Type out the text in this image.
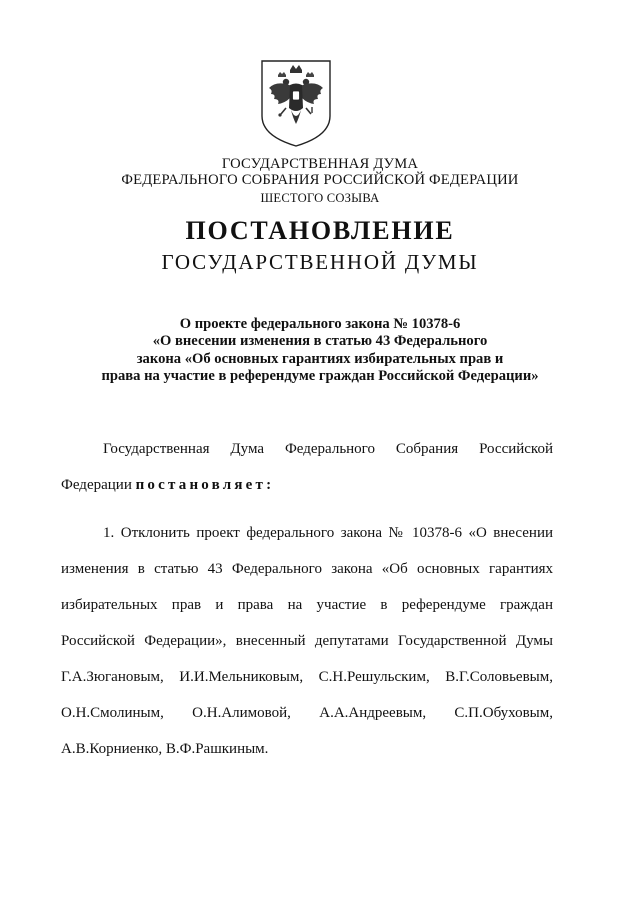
ГОСУДАРСТВЕННАЯ ДУМА
ФЕДЕРАЛЬНОГО СОБРАНИЯ РОССИЙСКОЙ ФЕДЕРАЦИИ
ШЕСТОГО СОЗЫВА
ПОСТАНОВЛЕНИЕ
ГОСУДАРСТВЕННОЙ ДУМЫ
О проекте федерального закона № 10378-6
«О внесении изменения в статью 43 Федерального
закона «Об основных гарантиях избирательных прав и
права на участие в референдуме граждан Российской Федерации»
Государственная Дума Федерального Собрания Российской
Федерации постановляет:
1. Отклонить проект федерального закона № 10378-6 «О внесении
изменения в статью 43 Федерального закона «Об основных гарантиях
избирательных прав и права на участие в референдуме граждан
Российской Федерации», внесенный депутатами Государственной Думы
Г.А.Зюгановым, И.И.Мельниковым, С.Н.Решульским, В.Г.Соловьевым,
О.Н.Смолиным, О.Н.Алимовой, А.А.Андреевым, С.П.Обуховым,
А.В.Корниенко, В.Ф.Рашкиным.
